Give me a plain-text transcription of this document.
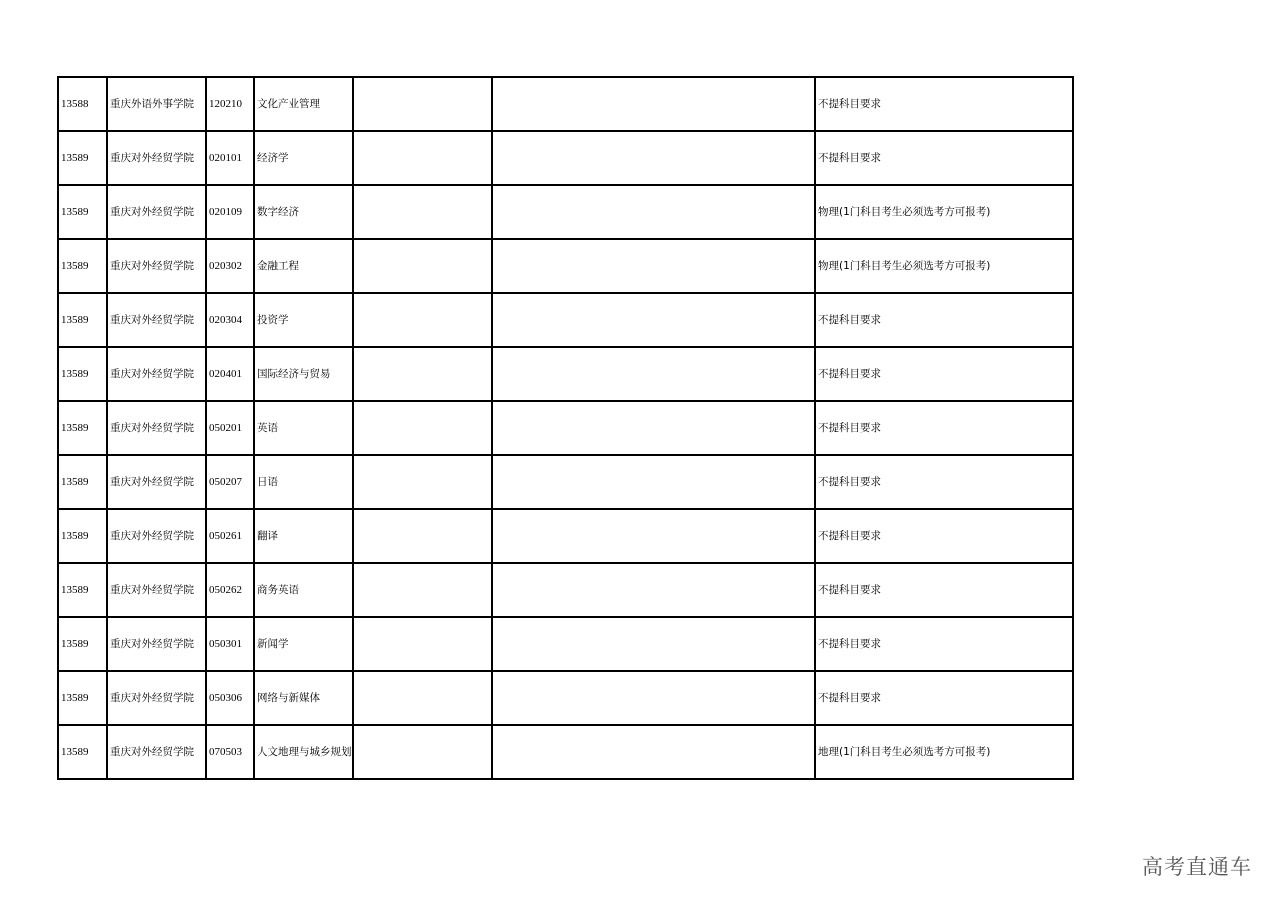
13588	重庆外语外事学院	120210	文化产业管理			不提科目要求
13589	重庆对外经贸学院	020101	经济学			不提科目要求
13589	重庆对外经贸学院	020109	数字经济			物理(1门科目考生必须选考方可报考)
13589	重庆对外经贸学院	020302	金融工程			物理(1门科目考生必须选考方可报考)
13589	重庆对外经贸学院	020304	投资学			不提科目要求
13589	重庆对外经贸学院	020401	国际经济与贸易			不提科目要求
13589	重庆对外经贸学院	050201	英语			不提科目要求
13589	重庆对外经贸学院	050207	日语			不提科目要求
13589	重庆对外经贸学院	050261	翻译			不提科目要求
13589	重庆对外经贸学院	050262	商务英语			不提科目要求
13589	重庆对外经贸学院	050301	新闻学			不提科目要求
13589	重庆对外经贸学院	050306	网络与新媒体			不提科目要求
13589	重庆对外经贸学院	070503	人文地理与城乡规划			地理(1门科目考生必须选考方可报考)
高考直通车
